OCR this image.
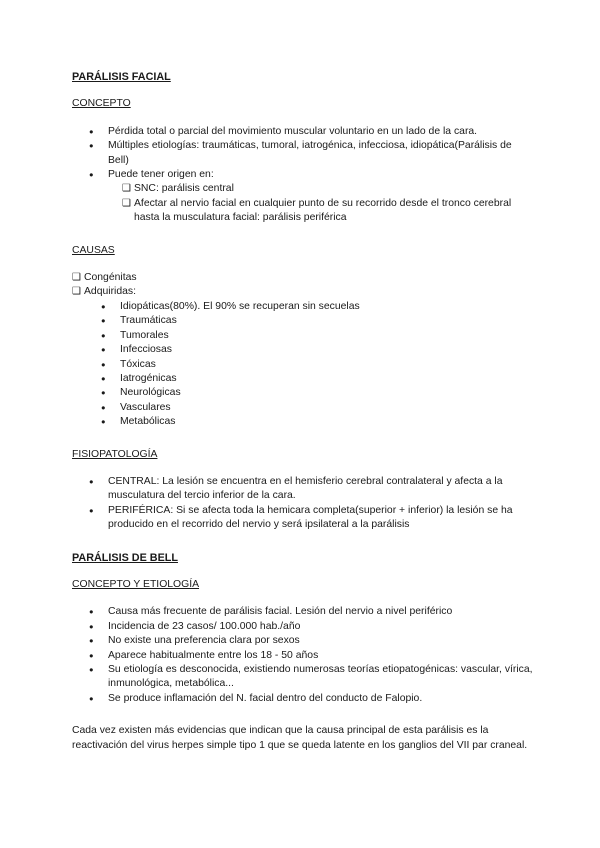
PARÁLISIS FACIAL

CONCEPTO

● Pérdida total o parcial del movimiento muscular voluntario en un lado de la cara.
● Múltiples etiologías: traumáticas, tumoral, iatrogénica, infecciosa, idiopática(Parálisis de Bell)
● Puede tener origen en:
❑ SNC: parálisis central
❑ Afectar al nervio facial en cualquier punto de su recorrido desde el tronco cerebral hasta la musculatura facial: parálisis periférica

CAUSAS

❑ Congénitas
❑ Adquiridas:
● Idiopáticas(80%). El 90% se recuperan sin secuelas
● Traumáticas
● Tumorales
● Infecciosas
● Tóxicas
● Iatrogénicas
● Neurológicas
● Vasculares
● Metabólicas

FISIOPATOLOGÍA

● CENTRAL: La lesión se encuentra en el hemisferio cerebral contralateral y afecta a la musculatura del tercio inferior de la cara.
● PERIFÉRICA: Si se afecta toda la hemicara completa(superior + inferior) la lesión se ha producido en el recorrido del nervio y será ipsilateral a la parálisis

PARÁLISIS DE BELL

CONCEPTO Y ETIOLOGÍA

● Causa más frecuente de parálisis facial. Lesión del nervio a nivel periférico
● Incidencia de 23 casos/ 100.000 hab./año
● No existe una preferencia clara por sexos
● Aparece habitualmente entre los 18 - 50 años
● Su etiología es desconocida, existiendo numerosas teorías etiopatogénicas: vascular, vírica, inmunológica, metabólica...
● Se produce inflamación del N. facial dentro del conducto de Falopio.

Cada vez existen más evidencias que indican que la causa principal de esta parálisis es la reactivación del virus herpes simple tipo 1 que se queda latente en los ganglios del VII par craneal.
